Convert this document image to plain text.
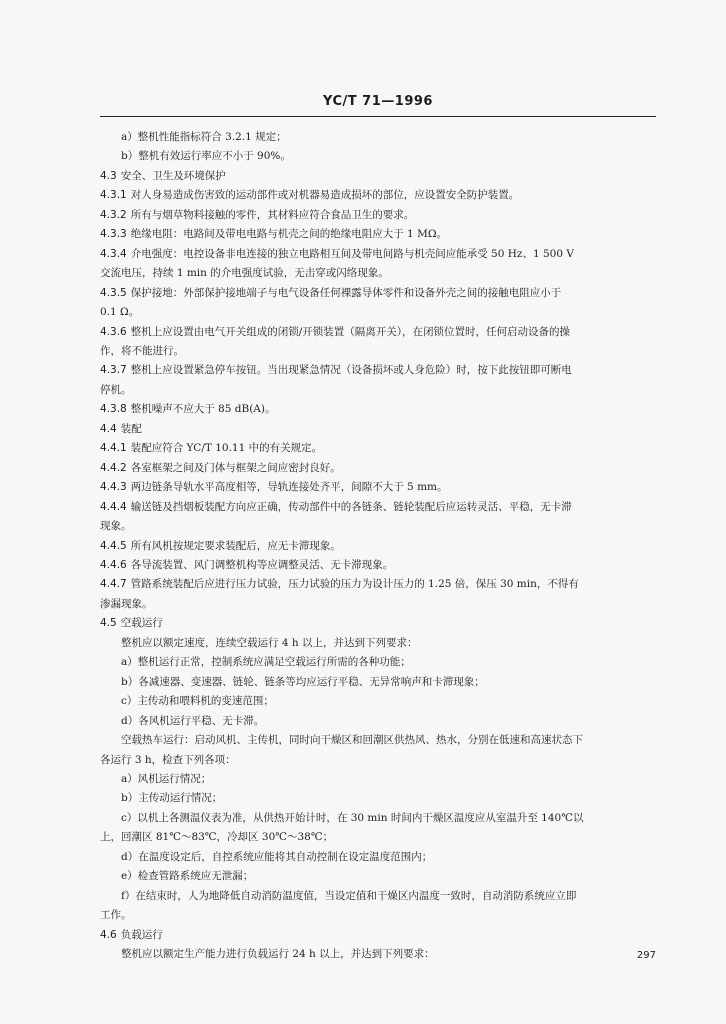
YC/T 71—1996

a）整机性能指标符合 3.2.1 规定；

b）整机有效运行率应不小于 90%。

4.3 安全、卫生及环境保护

4.3.1 对人身易造成伤害致的运动部件或对机器易造成损坏的部位，应设置安全防护装置。

4.3.2 所有与烟草物料接触的零件，其材料应符合食品卫生的要求。

4.3.3 绝缘电阻：电路间及带电电路与机壳之间的绝缘电阻应大于 1 MΩ。

4.3.4 介电强度：电控设备非电连接的独立电路相互间及带电间路与机壳间应能承受 50 Hz、1 500 V

交流电压，持续 1 min 的介电强度试验，无击穿或闪络现象。

4.3.5 保护接地：外部保护接地端子与电气设备任何裸露导体零件和设备外壳之间的接触电阻应小于

0.1 Ω。

4.3.6 整机上应设置由电气开关组成的闭锁/开锁装置（隔离开关），在闭锁位置时，任何启动设备的操

作，将不能进行。

4.3.7 整机上应设置紧急停车按钮。当出现紧急情况（设备损坏或人身危险）时，按下此按钮即可断电

停机。

4.3.8 整机噪声不应大于 85 dB(A)。

4.4 装配

4.4.1 装配应符合 YC/T 10.11 中的有关规定。

4.4.2 各室框架之间及门体与框架之间应密封良好。

4.4.3 两边链条导轨水平高度相等，导轨连接处齐平，间隙不大于 5 mm。

4.4.4 输送链及挡烟板装配方向应正确，传动部件中的各链条、链轮装配后应运转灵活、平稳，无卡滞

现象。

4.4.5 所有风机按规定要求装配后，应无卡滞现象。

4.4.6 各导流装置、风门调整机构等应调整灵活、无卡滞现象。

4.4.7 管路系统装配后应进行压力试验，压力试验的压力为设计压力的 1.25 倍，保压 30 min，不得有

渗漏现象。

4.5 空载运行

整机应以额定速度，连续空载运行 4 h 以上，并达到下列要求：

a）整机运行正常，控制系统应满足空载运行所需的各种功能；

b）各减速器、变速器、链轮、链条等均应运行平稳、无异常响声和卡滞现象；

c）主传动和喂料机的变速范围；

d）各风机运行平稳、无卡滞。

空载热车运行：启动风机、主传机，同时向干燥区和回潮区供热风、热水，分别在低速和高速状态下

各运行 3 h，检查下列各项：

a）风机运行情况；

b）主传动运行情况；

c）以机上各测温仪表为准，从供热开始计时，在 30 min 时间内干燥区温度应从室温升至 140℃以

上，回潮区 81℃～83℃，冷却区 30℃～38℃；

d）在温度设定后，自控系统应能将其自动控制在设定温度范围内；

e）检查管路系统应无泄漏；

f）在结束时，人为地降低自动消防温度值，当设定值和干燥区内温度一致时，自动消防系统应立即

工作。

4.6 负载运行

整机应以额定生产能力进行负载运行 24 h 以上，并达到下列要求：	297
